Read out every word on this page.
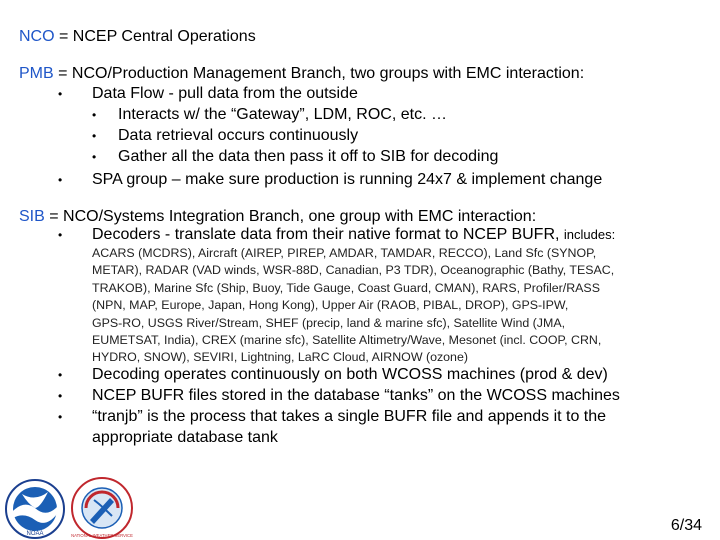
NCO = NCEP Central Operations
PMB = NCO/Production Management Branch, two groups with EMC interaction:
• Data Flow - pull data from the outside
• Interacts w/ the “Gateway”, LDM, ROC, etc. …
• Data retrieval occurs continuously
• Gather all the data then pass it off to SIB for decoding
• SPA group – make sure production is running 24x7 & implement change
SIB = NCO/Systems Integration Branch, one group with EMC interaction:
• Decoders - translate data from their native format to NCEP BUFR, includes:
ACARS (MCDRS), Aircraft (AIREP, PIREP, AMDAR, TAMDAR, RECCO), Land Sfc (SYNOP,
METAR), RADAR (VAD winds, WSR-88D, Canadian, P3 TDR), Oceanographic (Bathy, TESAC,
TRAKOB), Marine Sfc (Ship, Buoy, Tide Gauge, Coast Guard, CMAN), RARS, Profiler/RASS
(NPN, MAP, Europe, Japan, Hong Kong), Upper Air (RAOB, PIBAL, DROP), GPS-IPW,
GPS-RO, USGS River/Stream, SHEF (precip, land & marine sfc), Satellite Wind (JMA,
EUMETSAT, India), CREX (marine sfc), Satellite Altimetry/Wave, Mesonet (incl. COOP, CRN,
HYDRO, SNOW), SEVIRI, Lightning, LaRC Cloud, AIRNOW (ozone)
• Decoding operates continuously on both WCOSS machines (prod & dev)
• NCEP BUFR files stored in the database “tanks” on the WCOSS machines
• “tranjb” is the process that takes a single BUFR file and appends it to the
appropriate database tank
NOAA	NATIONAL WEATHER SERVICE
6/34
